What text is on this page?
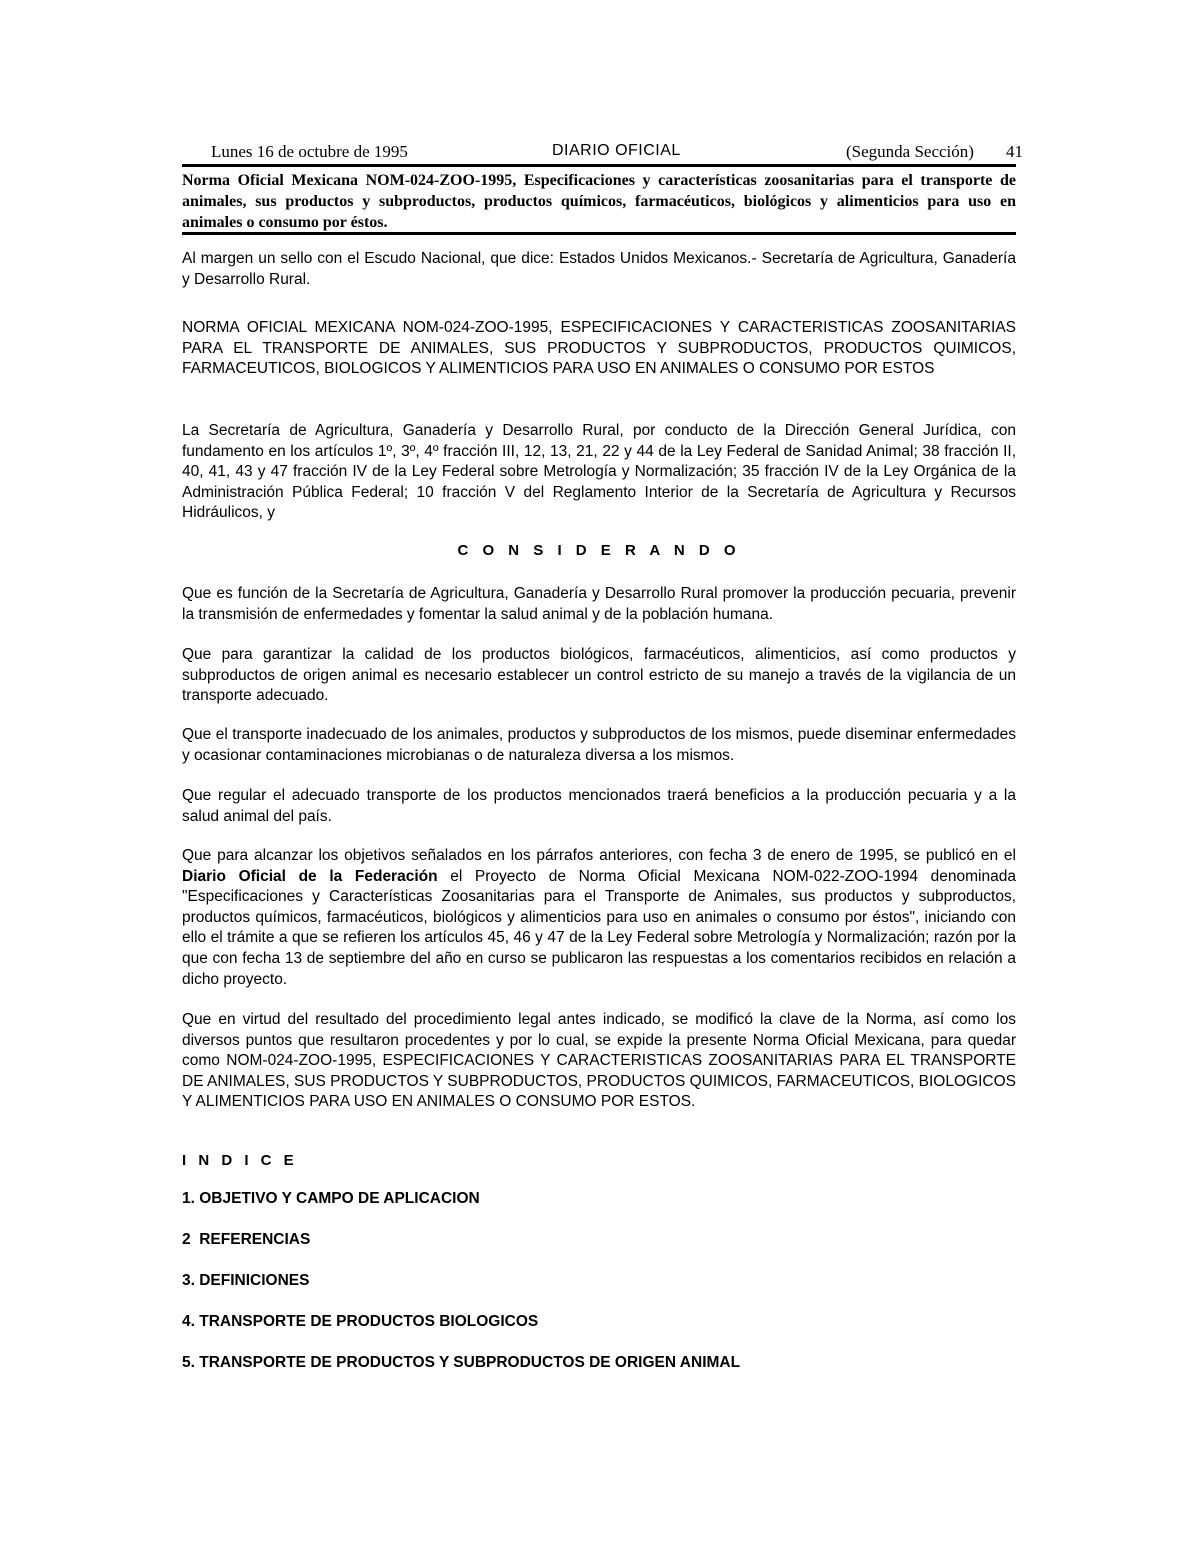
Lunes 16 de octubre de 1995	DIARIO OFICIAL	(Segunda Sección) 41
Norma Oficial Mexicana NOM-024-ZOO-1995, Especificaciones y características zoosanitarias para el transporte de animales, sus productos y subproductos, productos químicos, farmacéuticos, biológicos y alimenticios para uso en animales o consumo por éstos.
Al margen un sello con el Escudo Nacional, que dice: Estados Unidos Mexicanos.- Secretaría de Agricultura, Ganadería y Desarrollo Rural.
NORMA OFICIAL MEXICANA NOM-024-ZOO-1995, ESPECIFICACIONES Y CARACTERISTICAS ZOOSANITARIAS PARA EL TRANSPORTE DE ANIMALES, SUS PRODUCTOS Y SUBPRODUCTOS, PRODUCTOS QUIMICOS, FARMACEUTICOS, BIOLOGICOS Y ALIMENTICIOS PARA USO EN ANIMALES O CONSUMO POR ESTOS
La Secretaría de Agricultura, Ganadería y Desarrollo Rural, por conducto de la Dirección General Jurídica, con fundamento en los artículos 1º, 3º, 4º fracción III, 12, 13, 21, 22 y 44 de la Ley Federal de Sanidad Animal; 38 fracción II, 40, 41, 43 y 47 fracción IV de la Ley Federal sobre Metrología y Normalización; 35 fracción IV de la Ley Orgánica de la Administración Pública Federal; 10 fracción V del Reglamento Interior de la Secretaría de Agricultura y Recursos Hidráulicos, y
C O N S I D E R A N D O
Que es función de la Secretaría de Agricultura, Ganadería y Desarrollo Rural promover la producción pecuaria, prevenir la transmisión de enfermedades y fomentar la salud animal y de la población humana.
Que para garantizar la calidad de los productos biológicos, farmacéuticos, alimenticios, así como productos y subproductos de origen animal es necesario establecer un control estricto de su manejo a través de la vigilancia de un transporte adecuado.
Que el transporte inadecuado de los animales, productos y subproductos de los mismos, puede diseminar enfermedades y ocasionar contaminaciones microbianas o de naturaleza diversa a los mismos.
Que regular el adecuado transporte de los productos mencionados traerá beneficios a la producción pecuaria y a la salud animal del país.
Que para alcanzar los objetivos señalados en los párrafos anteriores, con fecha 3 de enero de 1995, se publicó en el Diario Oficial de la Federación el Proyecto de Norma Oficial Mexicana NOM-022-ZOO-1994 denominada "Especificaciones y Características Zoosanitarias para el Transporte de Animales, sus productos y subproductos, productos químicos, farmacéuticos, biológicos y alimenticios para uso en animales o consumo por éstos", iniciando con ello el trámite a que se refieren los artículos 45, 46 y 47 de la Ley Federal sobre Metrología y Normalización; razón por la que con fecha 13 de septiembre del año en curso se publicaron las respuestas a los comentarios recibidos en relación a dicho proyecto.
Que en virtud del resultado del procedimiento legal antes indicado, se modificó la clave de la Norma, así como los diversos puntos que resultaron procedentes y por lo cual, se expide la presente Norma Oficial Mexicana, para quedar como NOM-024-ZOO-1995, ESPECIFICACIONES Y CARACTERISTICAS ZOOSANITARIAS PARA EL TRANSPORTE DE ANIMALES, SUS PRODUCTOS Y SUBPRODUCTOS, PRODUCTOS QUIMICOS, FARMACEUTICOS, BIOLOGICOS Y ALIMENTICIOS PARA USO EN ANIMALES O CONSUMO POR ESTOS.
I N D I C E
1. OBJETIVO Y CAMPO DE APLICACION
2  REFERENCIAS
3. DEFINICIONES
4. TRANSPORTE DE PRODUCTOS BIOLOGICOS
5. TRANSPORTE DE PRODUCTOS Y SUBPRODUCTOS DE ORIGEN ANIMAL
